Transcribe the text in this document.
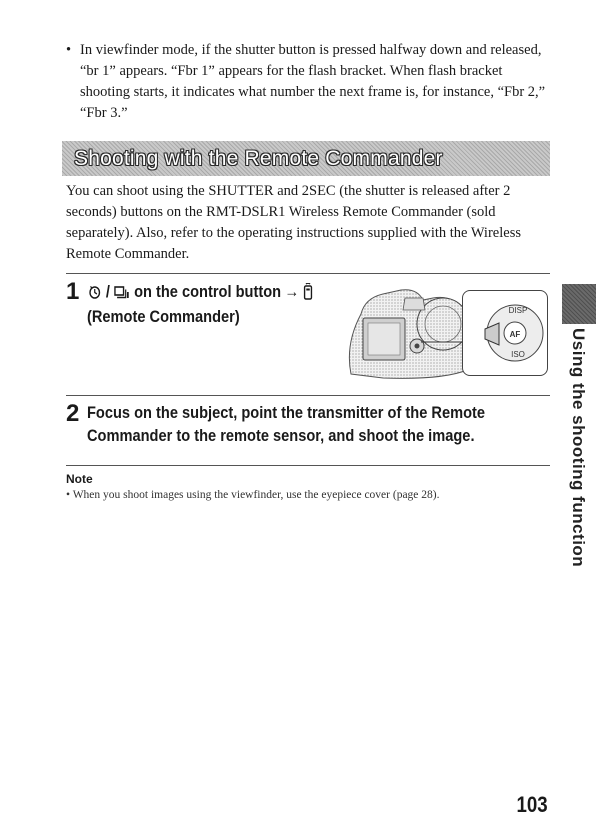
• In viewfinder mode, if the shutter button is pressed halfway down and released, “br 1” appears. “Fbr 1” appears for the flash bracket. When flash bracket shooting starts, it indicates what number the next frame is, for instance, “Fbr 2,” “Fbr 3.”

Shooting with the Remote Commander

You can shoot using the SHUTTER and 2SEC (the shutter is released after 2 seconds) buttons on the RMT-DSLR1 Wireless Remote Commander (sold separately). Also, refer to the operating instructions supplied with the Wireless Remote Commander.

1 / on the control button →
(Remote Commander)
AF
DISP
ISO
2 Focus on the subject, point the transmitter of the Remote
Commander to the remote sensor, and shoot the image.
Note
• When you shoot images using the viewfinder, use the eyepiece cover (page 28).	Using the shooting function
103
